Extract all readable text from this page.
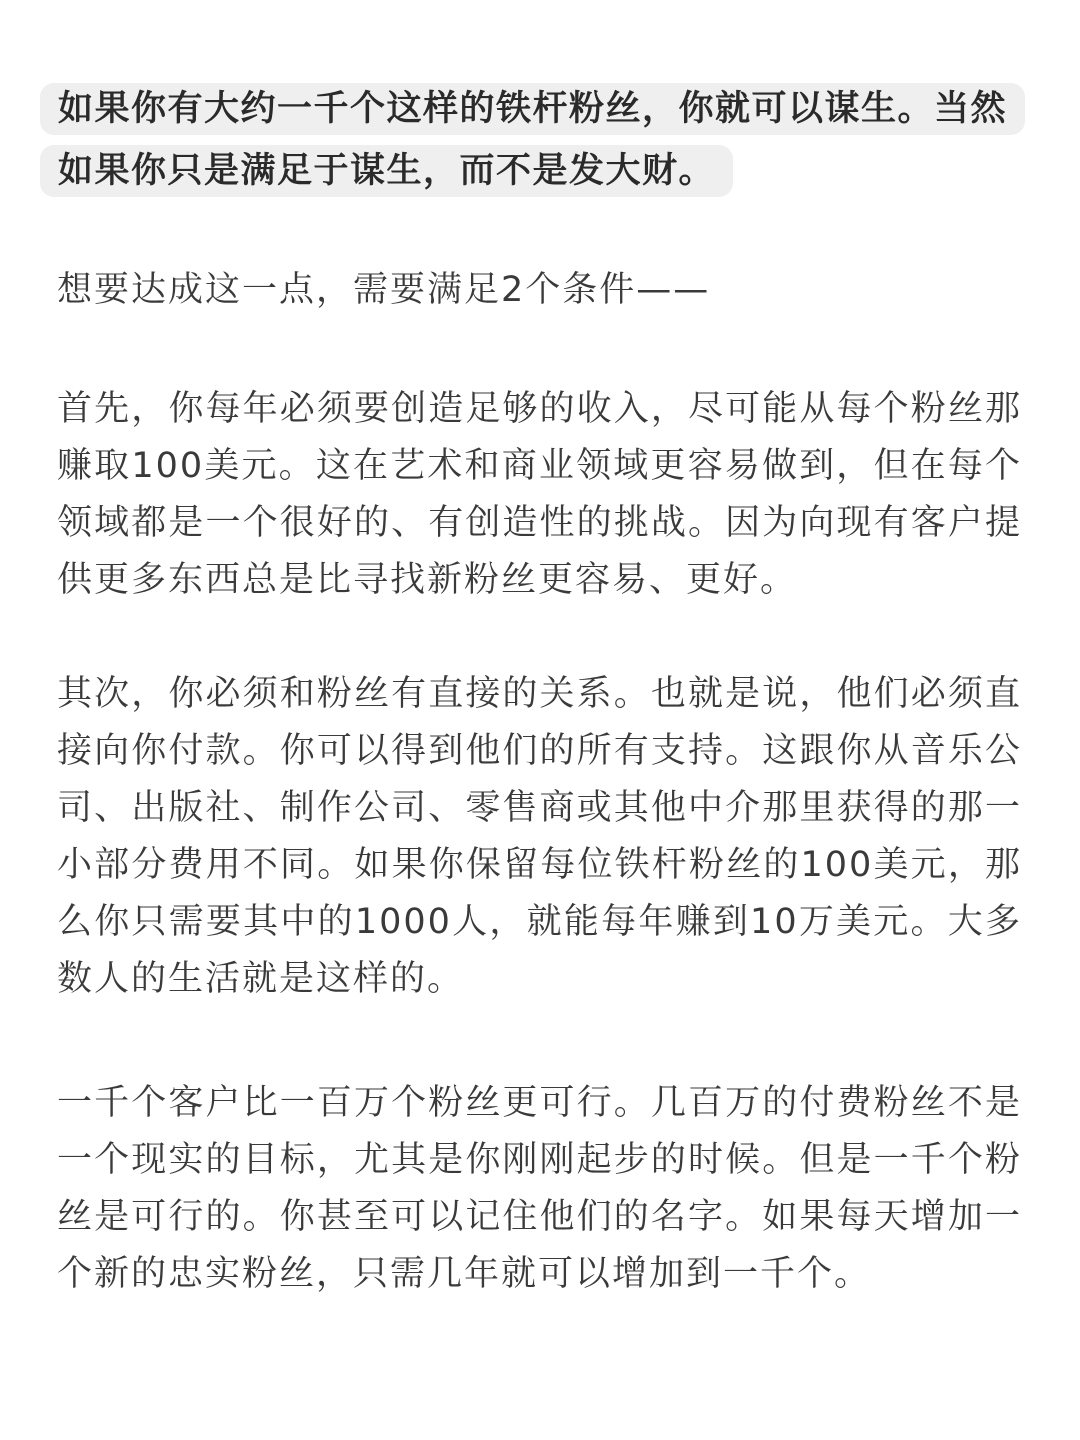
如果你有大约一千个这样的铁杆粉丝，你就可以谋生。当然如果你只是满足于谋生，而不是发大财。

想要达成这一点，需要满足2个条件——

首先，你每年必须要创造足够的收入，尽可能从每个粉丝那赚取100美元。这在艺术和商业领域更容易做到，但在每个领域都是一个很好的、有创造性的挑战。因为向现有客户提供更多东西总是比寻找新粉丝更容易、更好。

其次，你必须和粉丝有直接的关系。也就是说，他们必须直接向你付款。你可以得到他们的所有支持。这跟你从音乐公司、出版社、制作公司、零售商或其他中介那里获得的那一小部分费用不同。如果你保留每位铁杆粉丝的100美元，那么你只需要其中的1000人，就能每年赚到10万美元。大多数人的生活就是这样的。

一千个客户比一百万个粉丝更可行。几百万的付费粉丝不是一个现实的目标，尤其是你刚刚起步的时候。但是一千个粉丝是可行的。你甚至可以记住他们的名字。如果每天增加一个新的忠实粉丝，只需几年就可以增加到一千个。
